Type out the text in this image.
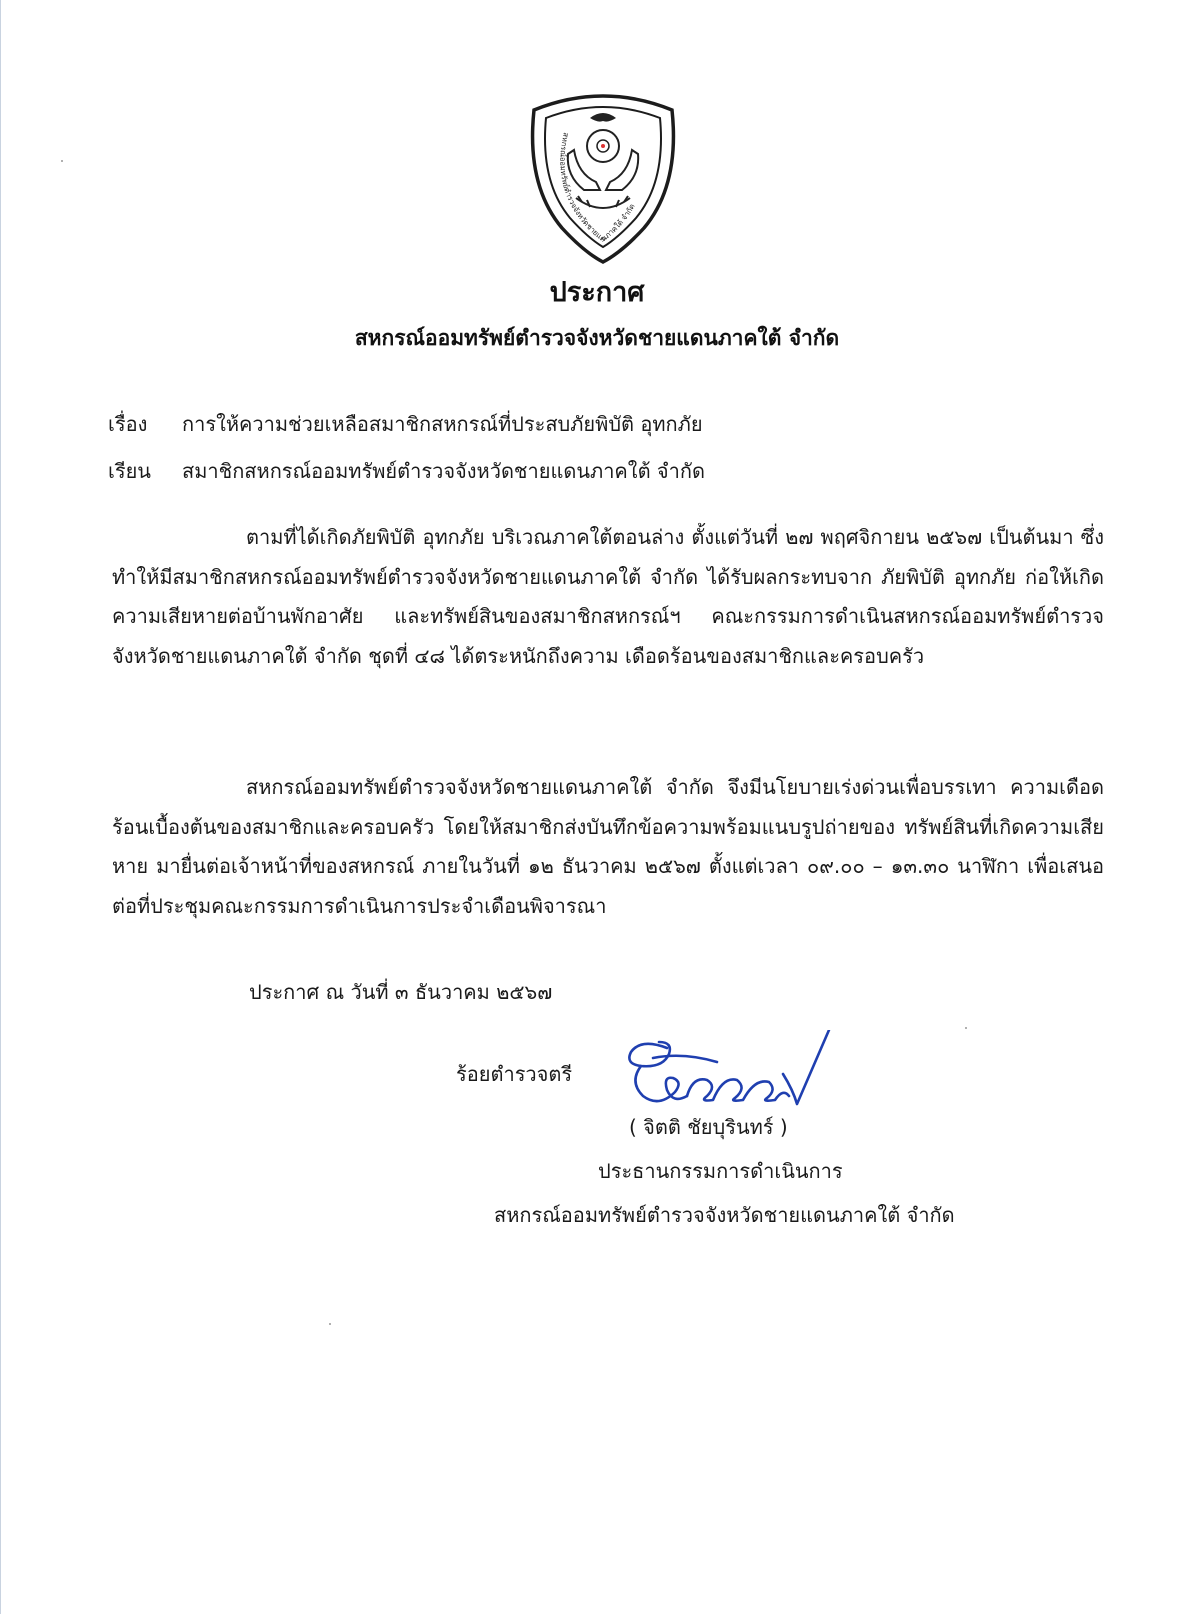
สหกรณ์ออมทรัพย์ตำรวจจังหวัดชายแดนภาคใต้ จำกัด
ประกาศ
สหกรณ์ออมทรัพย์ตำรวจจังหวัดชายแดนภาคใต้ จำกัด
เรื่อง การให้ความช่วยเหลือสมาชิกสหกรณ์ที่ประสบภัยพิบัติ อุทกภัย
เรียน สมาชิกสหกรณ์ออมทรัพย์ตำรวจจังหวัดชายแดนภาคใต้ จำกัด
ตามที่ได้เกิดภัยพิบัติ อุทกภัย บริเวณภาคใต้ตอนล่าง ตั้งแต่วันที่ ๒๗ พฤศจิกายน ๒๕๖๗ เป็นต้นมา ซึ่งทำให้มีสมาชิกสหกรณ์ออมทรัพย์ตำรวจจังหวัดชายแดนภาคใต้ จำกัด ได้รับผลกระทบจาก ภัยพิบัติ อุทกภัย ก่อให้เกิดความเสียหายต่อบ้านพักอาศัย และทรัพย์สินของสมาชิกสหกรณ์ฯ คณะกรรมการดำเนินสหกรณ์ออมทรัพย์ตำรวจจังหวัดชายแดนภาคใต้ จำกัด ชุดที่ ๔๘ ได้ตระหนักถึงความ เดือดร้อนของสมาชิกและครอบครัว
สหกรณ์ออมทรัพย์ตำรวจจังหวัดชายแดนภาคใต้ จำกัด จึงมีนโยบายเร่งด่วนเพื่อบรรเทา ความเดือดร้อนเบื้องต้นของสมาชิกและครอบครัว โดยให้สมาชิกส่งบันทึกข้อความพร้อมแนบรูปถ่ายของ ทรัพย์สินที่เกิดความเสียหาย มายื่นต่อเจ้าหน้าที่ของสหกรณ์ ภายในวันที่ ๑๒ ธันวาคม ๒๕๖๗ ตั้งแต่เวลา ๐๙.๐๐ – ๑๓.๓๐ นาฬิกา เพื่อเสนอต่อที่ประชุมคณะกรรมการดำเนินการประจำเดือนพิจารณา
ประกาศ ณ วันที่ ๓ ธันวาคม ๒๕๖๗
ร้อยตำรวจตรี
( จิตติ ชัยบุรินทร์ )
ประธานกรรมการดำเนินการ
สหกรณ์ออมทรัพย์ตำรวจจังหวัดชายแดนภาคใต้ จำกัด
